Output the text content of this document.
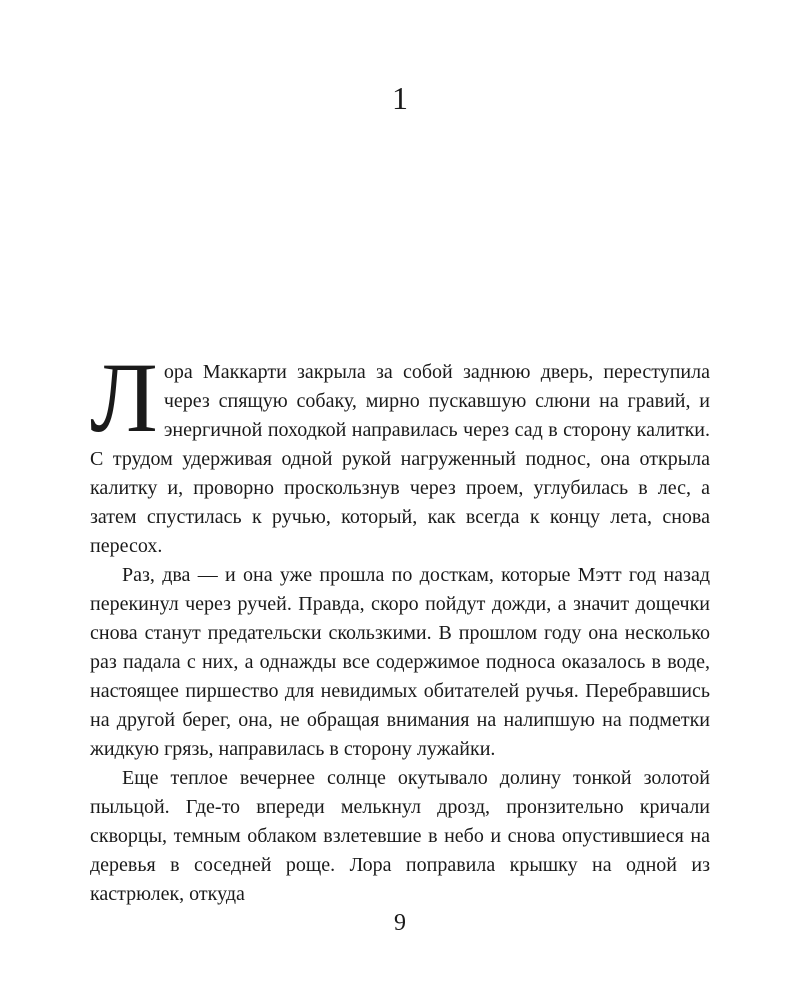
1

Лора Маккарти закрыла за собой заднюю дверь, переступила через спящую собаку, мирно пускавшую слюни на гравий, и энергичной походкой направилась через сад в сторону калитки. С трудом удерживая одной рукой нагруженный поднос, она открыла калитку и, проворно проскользнув через проем, углубилась в лес, а затем спустилась к ручью, который, как всегда к концу лета, снова пересох.

Раз, два — и она уже прошла по досткам, которые Мэтт год назад перекинул через ручей. Правда, скоро пойдут дожди, а значит дощечки снова станут предательски скользкими. В прошлом году она несколько раз падала с них, а однажды все содержимое подноса оказалось в воде, настоящее пиршество для невидимых обитателей ручья. Перебравшись на другой берег, она, не обращая внимания на налипшую на подметки жидкую грязь, направилась в сторону лужайки.

Еще теплое вечернее солнце окутывало долину тонкой золотой пыльцой. Где-то впереди мелькнул дрозд, пронзительно кричали скворцы, темным облаком взлетевшие в небо и снова опустившиеся на деревья в соседней роще. Лора поправила крышку на одной из кастрюлек, откуда

9
